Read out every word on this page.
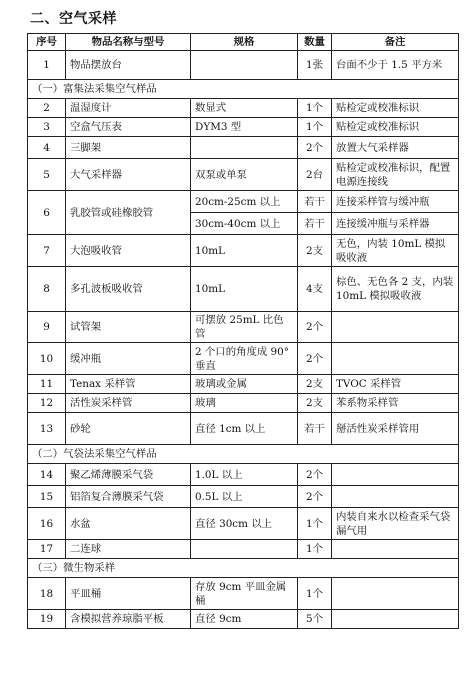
二、空气采样
序号	物品名称与型号	规格	数量	备注
1	物品摆放台		1张	台面不少于 1.5 平方米
（一）富集法采集空气样品				
2	温湿度计	数显式	1个	贴检定或校准标识
3	空盒气压表	DYM3 型	1个	贴检定或校准标识
4	三脚架		2个	放置大气采样器
5	大气采样器	双泵或单泵	2台	贴检定或校准标识，配置电源连接线
6	乳胶管或硅橡胶管	20cm-25cm 以上	若干	连接采样管与缓冲瓶
		30cm-40cm 以上	若干	连接缓冲瓶与采样器
7	大泡吸收管	10mL	2支	无色，内装 10mL 模拟吸收液
8	多孔波板吸收管	10mL	4支	棕色、无色各 2 支，内装 10mL 模拟吸收液
9	试管架	可摆放 25mL 比色管	2个	
10	缓冲瓶	2 个口的角度成 90°垂直	2个	
11	Tenax 采样管	玻璃或金属	2支	TVOC 采样管
12	活性炭采样管	玻璃	2支	苯系物采样管
13	砂轮	直径 1cm 以上	若干	掰活性炭采样管用
（二）气袋法采集空气样品				
14	聚乙烯薄膜采气袋	1.0L 以上	2个	
15	铝箔复合薄膜采气袋	0.5L 以上	2个	
16	水盆	直径 30cm 以上	1个	内装自来水以检查采气袋漏气用
17	二连球		1个	
（三）微生物采样				
18	平皿桶	存放 9cm 平皿金属桶	1个	
19	含模拟营养琼脂平板	直径 9cm	5个	
